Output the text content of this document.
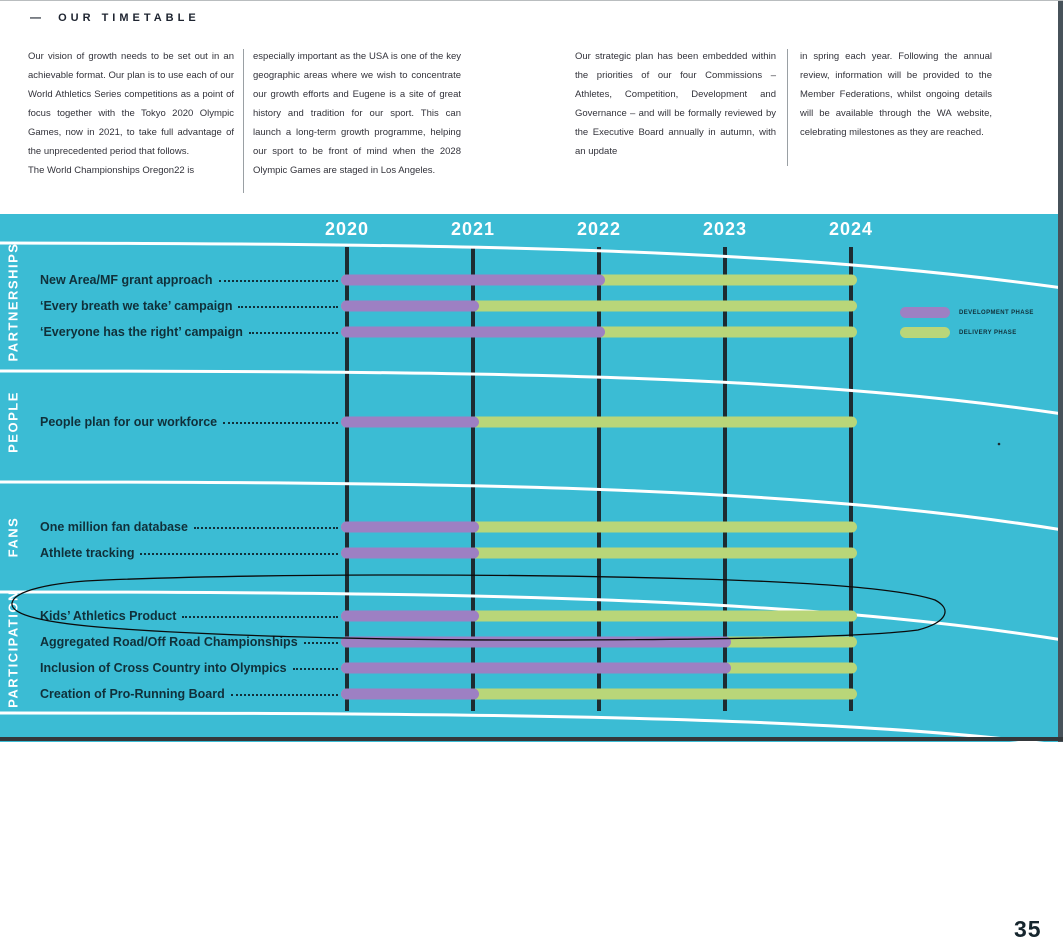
— OUR TIMETABLE

Our vision of growth needs to be set out in an achievable format. Our plan is to use each of our World Athletics Series competitions as a point of focus together with the Tokyo 2020 Olympic Games, now in 2021, to take full advantage of the unprecedented period that follows.

The World Championships Oregon22 is

especially important as the USA is one of the key geographic areas where we wish to concentrate our growth efforts and Eugene is a site of great history and tradition for our sport. This can launch a long-term growth programme, helping our sport to be front of mind when the 2028 Olympic Games are staged in Los Angeles.

Our strategic plan has been embedded within the priorities of our four Commissions – Athletes, Competition, Development and Governance – and will be formally reviewed by the Executive Board annually in autumn, with an update

in spring each year. Following the annual review, information will be provided to the Member Federations, whilst ongoing details will be available through the WA website, celebrating milestones as they are reached.

DEVELOPMENT PHASE
DELIVERY PHASE
35
2020	2021	2022	2023	2024
PARTNERSHIPS New Area/MF grant approach
‘Every breath we take’ campaign
‘Everyone has the right’ campaign
PEOPLE People plan for our workforce
FANS One million fan database
Athlete tracking
PARTICIPATION Kids’ Athletics Product
Aggregated Road/Off Road Championships
Inclusion of Cross Country into Olympics
Creation of Pro-Running Board
